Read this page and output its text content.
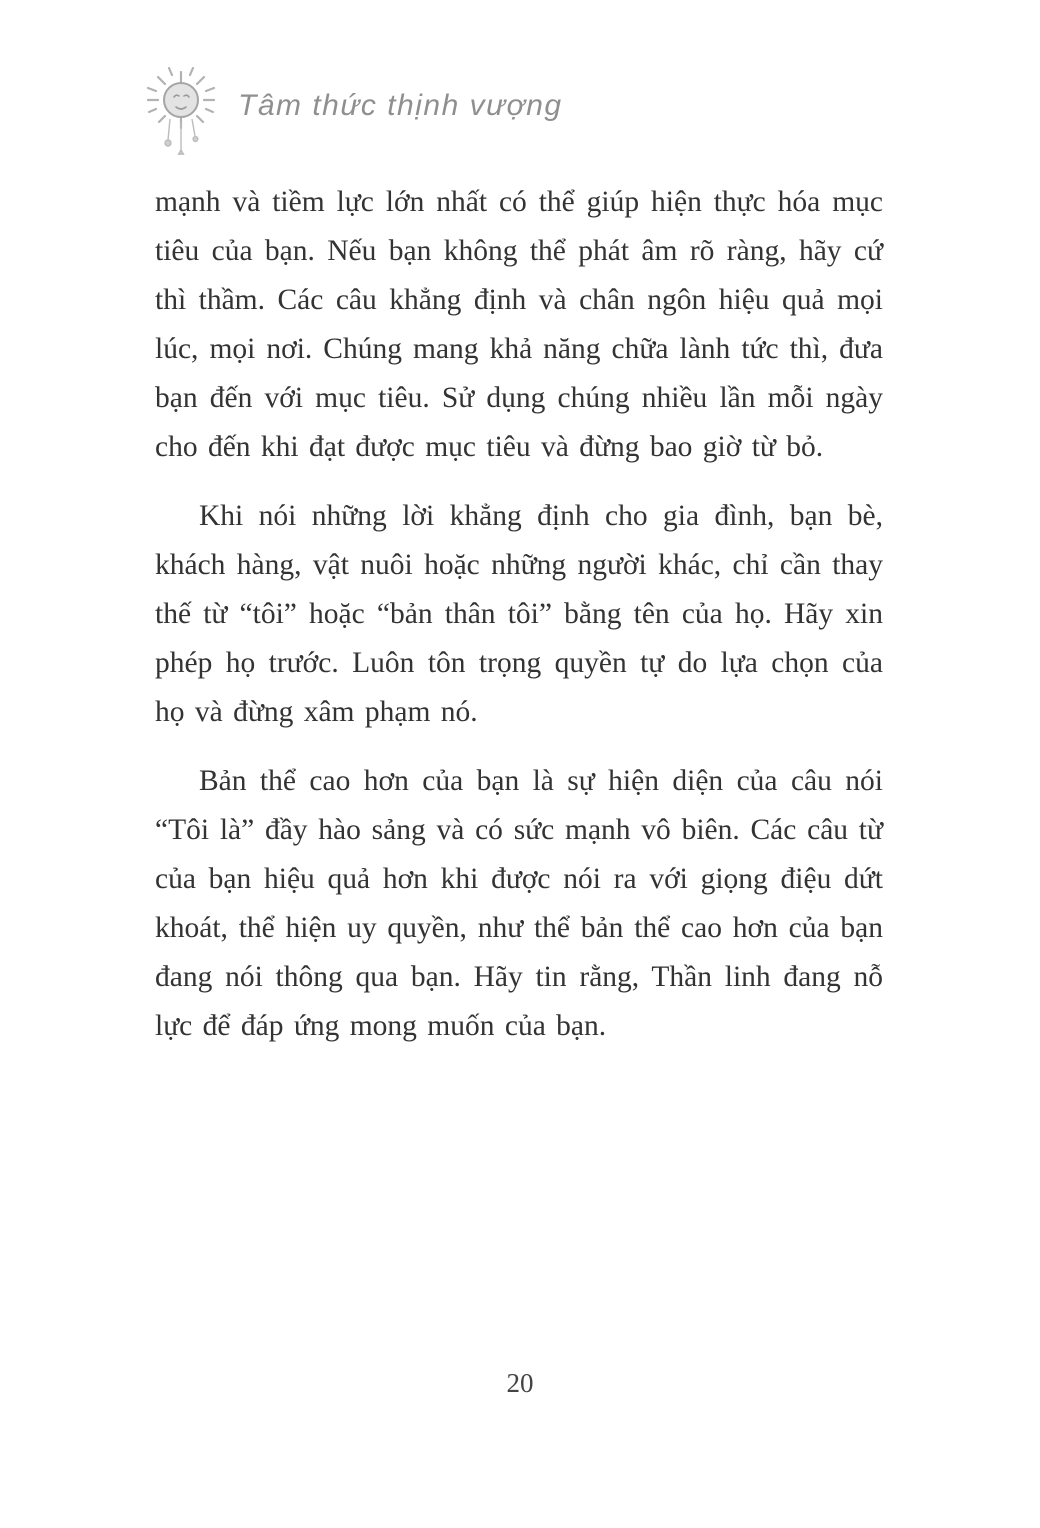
Tâm thức thịnh vượng

mạnh và tiềm lực lớn nhất có thể giúp hiện thực hóa mục tiêu của bạn. Nếu bạn không thể phát âm rõ ràng, hãy cứ thì thầm. Các câu khẳng định và chân ngôn hiệu quả mọi lúc, mọi nơi. Chúng mang khả năng chữa lành tức thì, đưa bạn đến với mục tiêu. Sử dụng chúng nhiều lần mỗi ngày cho đến khi đạt được mục tiêu và đừng bao giờ từ bỏ.

Khi nói những lời khẳng định cho gia đình, bạn bè, khách hàng, vật nuôi hoặc những người khác, chỉ cần thay thế từ “tôi” hoặc “bản thân tôi” bằng tên của họ. Hãy xin phép họ trước. Luôn tôn trọng quyền tự do lựa chọn của họ và đừng xâm phạm nó.

Bản thể cao hơn của bạn là sự hiện diện của câu nói “Tôi là” đầy hào sảng và có sức mạnh vô biên. Các câu từ của bạn hiệu quả hơn khi được nói ra với giọng điệu dứt khoát, thể hiện uy quyền, như thể bản thể cao hơn của bạn đang nói thông qua bạn. Hãy tin rằng, Thần linh đang nỗ lực để đáp ứng mong muốn của bạn.

20
